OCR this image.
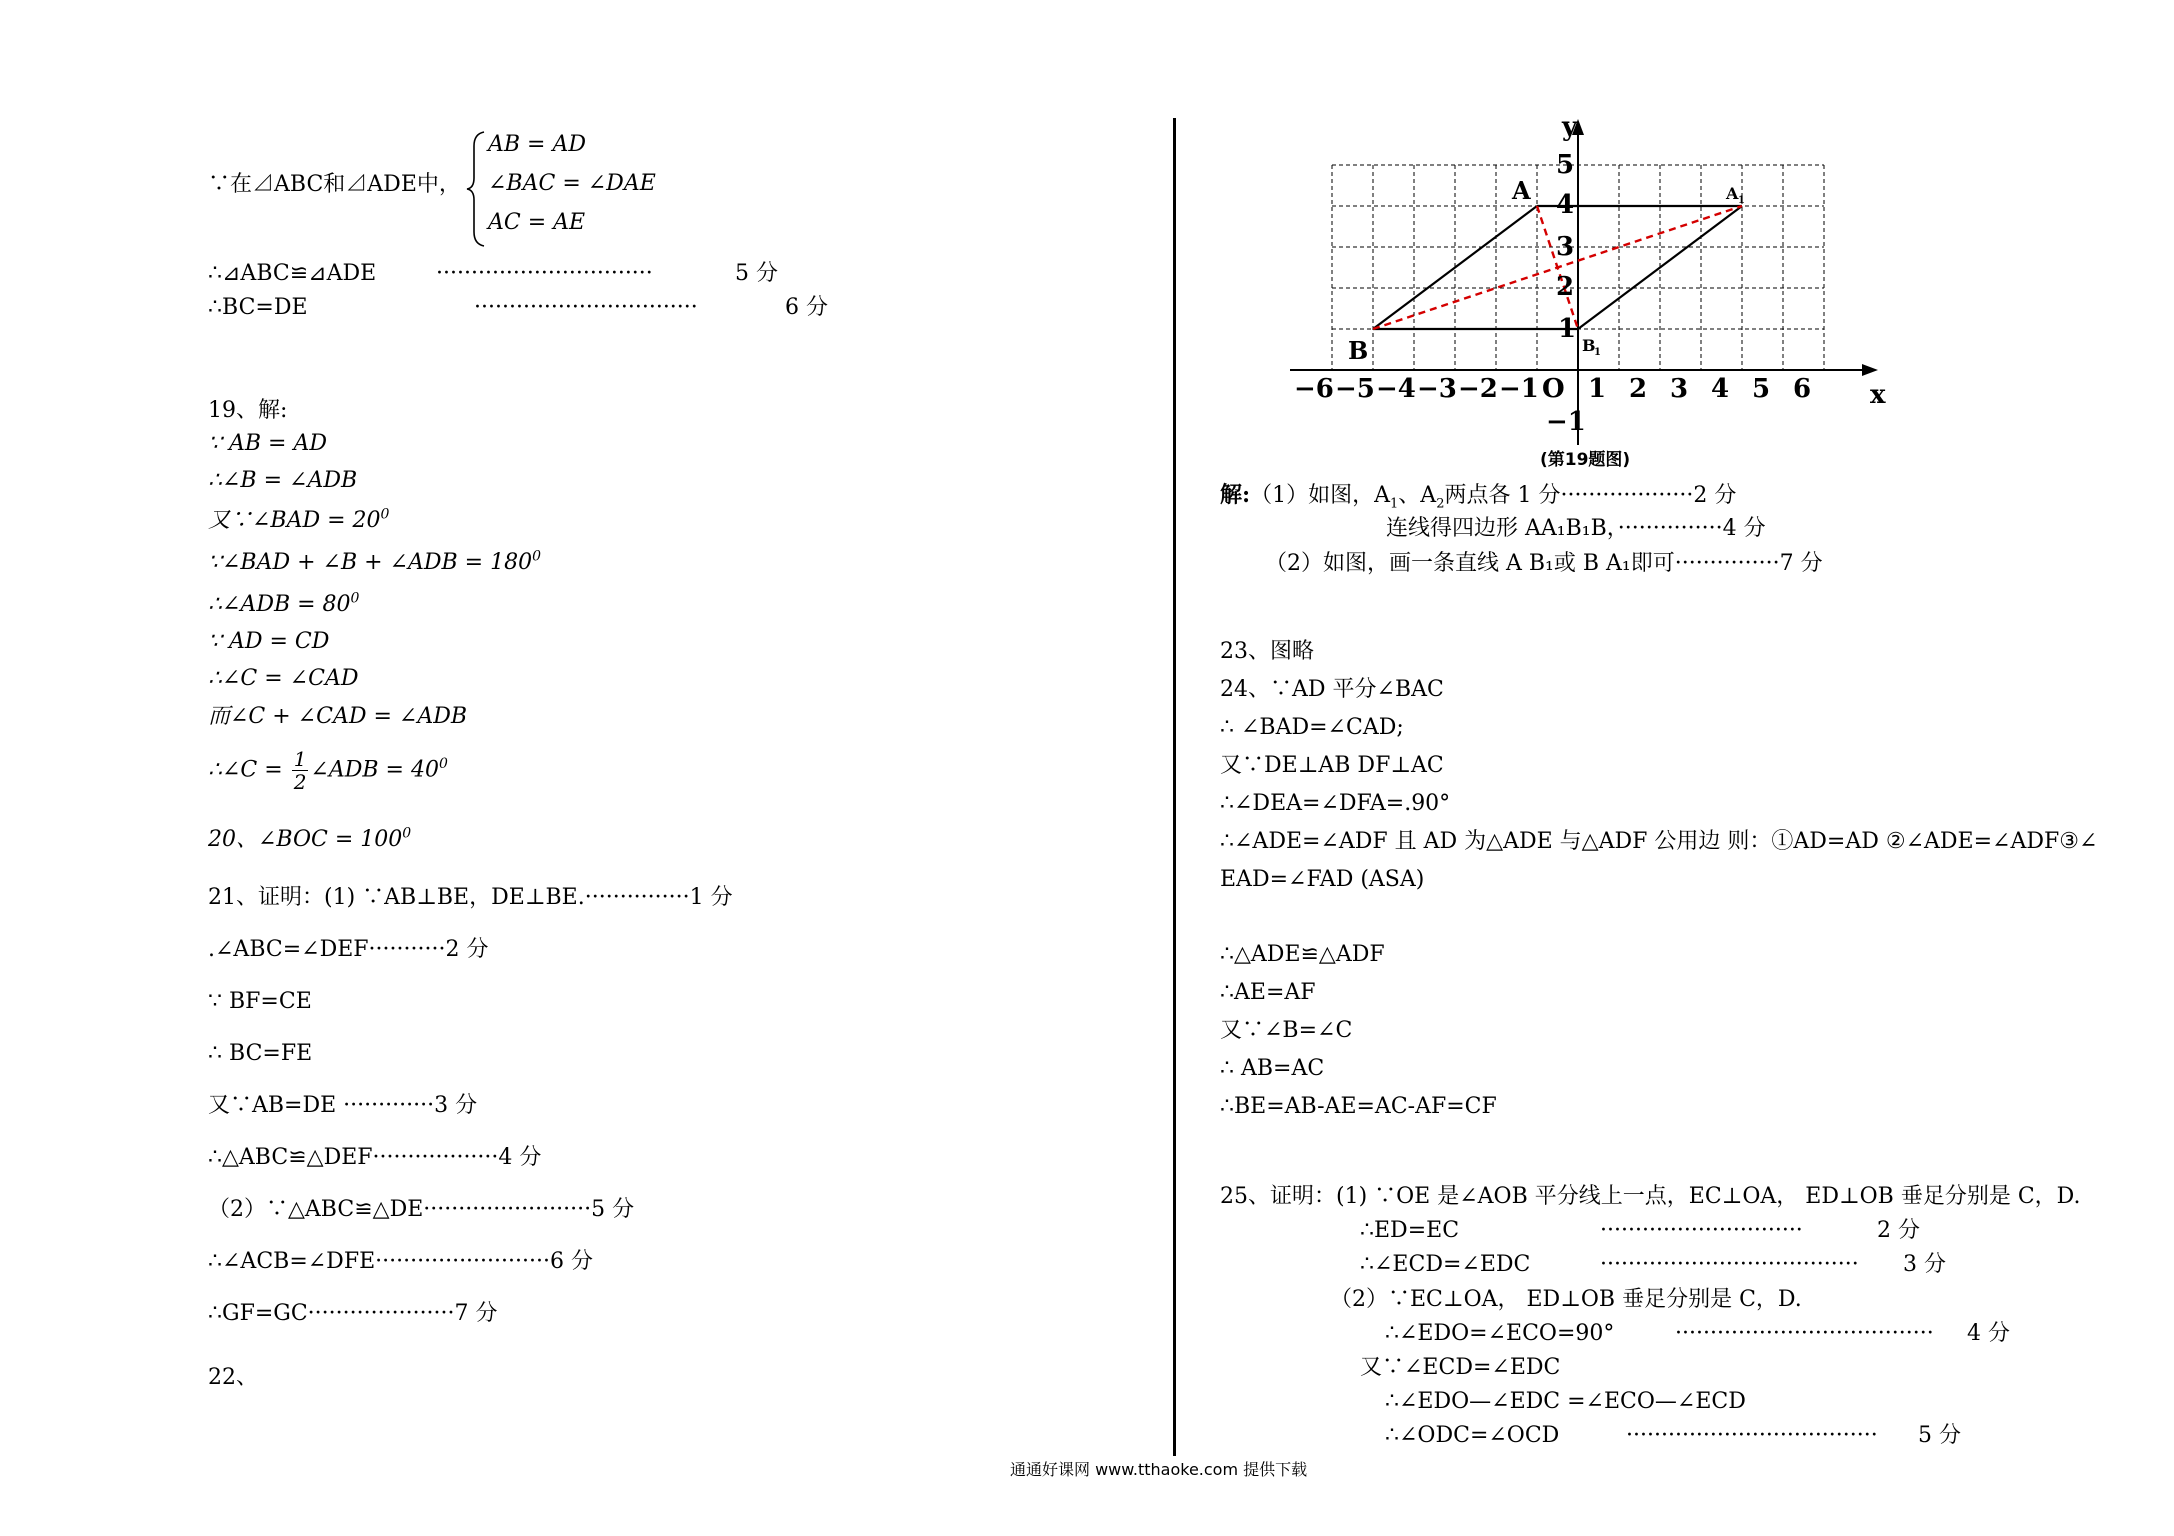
∵在⊿ABC和⊿ADE中，
AB = AD
∠BAC = ∠DAE
AC = AE
∴⊿ABC≌⊿ADE	·······························	5 分
∴BC=DE	································	6 分
19、解:
∵ AB = AD
∴∠B = ∠ADB
又∵∠BAD = $20^0$
∵∠BAD + ∠B + ∠ADB = $180^0$
∴∠ADB = $80^0$
∵ AD = CD
∴∠C = ∠CAD
而∠C + ∠CAD = ∠ADB
∴∠C = $\frac{1}{2}$ ∠ADB = $40^0$
20、∠BOC = $100^0$
21、证明：(1) ∵AB⊥BE，DE⊥BE.···············1 分
.∠ABC=∠DEF···········2 分
∵ BF=CE
∴ BC=FE
又∵AB=DE ·············3 分
∴△ABC≌△DEF··················4 分
（2）∵△ABC≌△DE························5 分
∴∠ACB=∠DFE·························6 分
∴GF=GC·····················7 分
22、
y
x
−6 −5 −4 −3 −2 −1 O 1 2 3 4 5 6
5
4
3
2
−1
A
B
A 1
B
1
1
(第19题图)
解:（1）如图，$A_1$、$A_2$两点各 1 分···················2 分
连线得四边形 AA₁B₁B，···············4 分
（2）如图，画一条直线 A B₁或 B A₁即可···············7 分
23、图略
24、∵AD 平分∠BAC
∴ ∠BAD=∠CAD;
又∵DE⊥AB DF⊥AC
∴∠DEA=∠DFA=.90°
∴∠ADE=∠ADF 且 AD 为△ADE 与△ADF 公用边 则：①AD=AD ②∠ADE=∠ADF③∠
EAD=∠FAD (ASA)
∴△ADE≌△ADF
∴AE=AF
又∵∠B=∠C
∴ AB=AC
∴BE=AB-AE=AC-AF=CF
25、证明：(1) ∵OE 是∠AOB 平分线上一点，EC⊥OA， ED⊥OB 垂足分别是 C，D.
∴ED=EC	·····························	2 分
∴∠ECD=∠EDC	····································· 3 分
（2）∵EC⊥OA， ED⊥OB 垂足分别是 C，D.
∴∠EDO=∠ECO=90°	····································· 4 分
又∵∠ECD=∠EDC
∴∠EDO—∠EDC =∠ECO—∠ECD
∴∠ODC=∠OCD	···································· 5 分
通通好课网 www.tthaoke.com 提供下载
